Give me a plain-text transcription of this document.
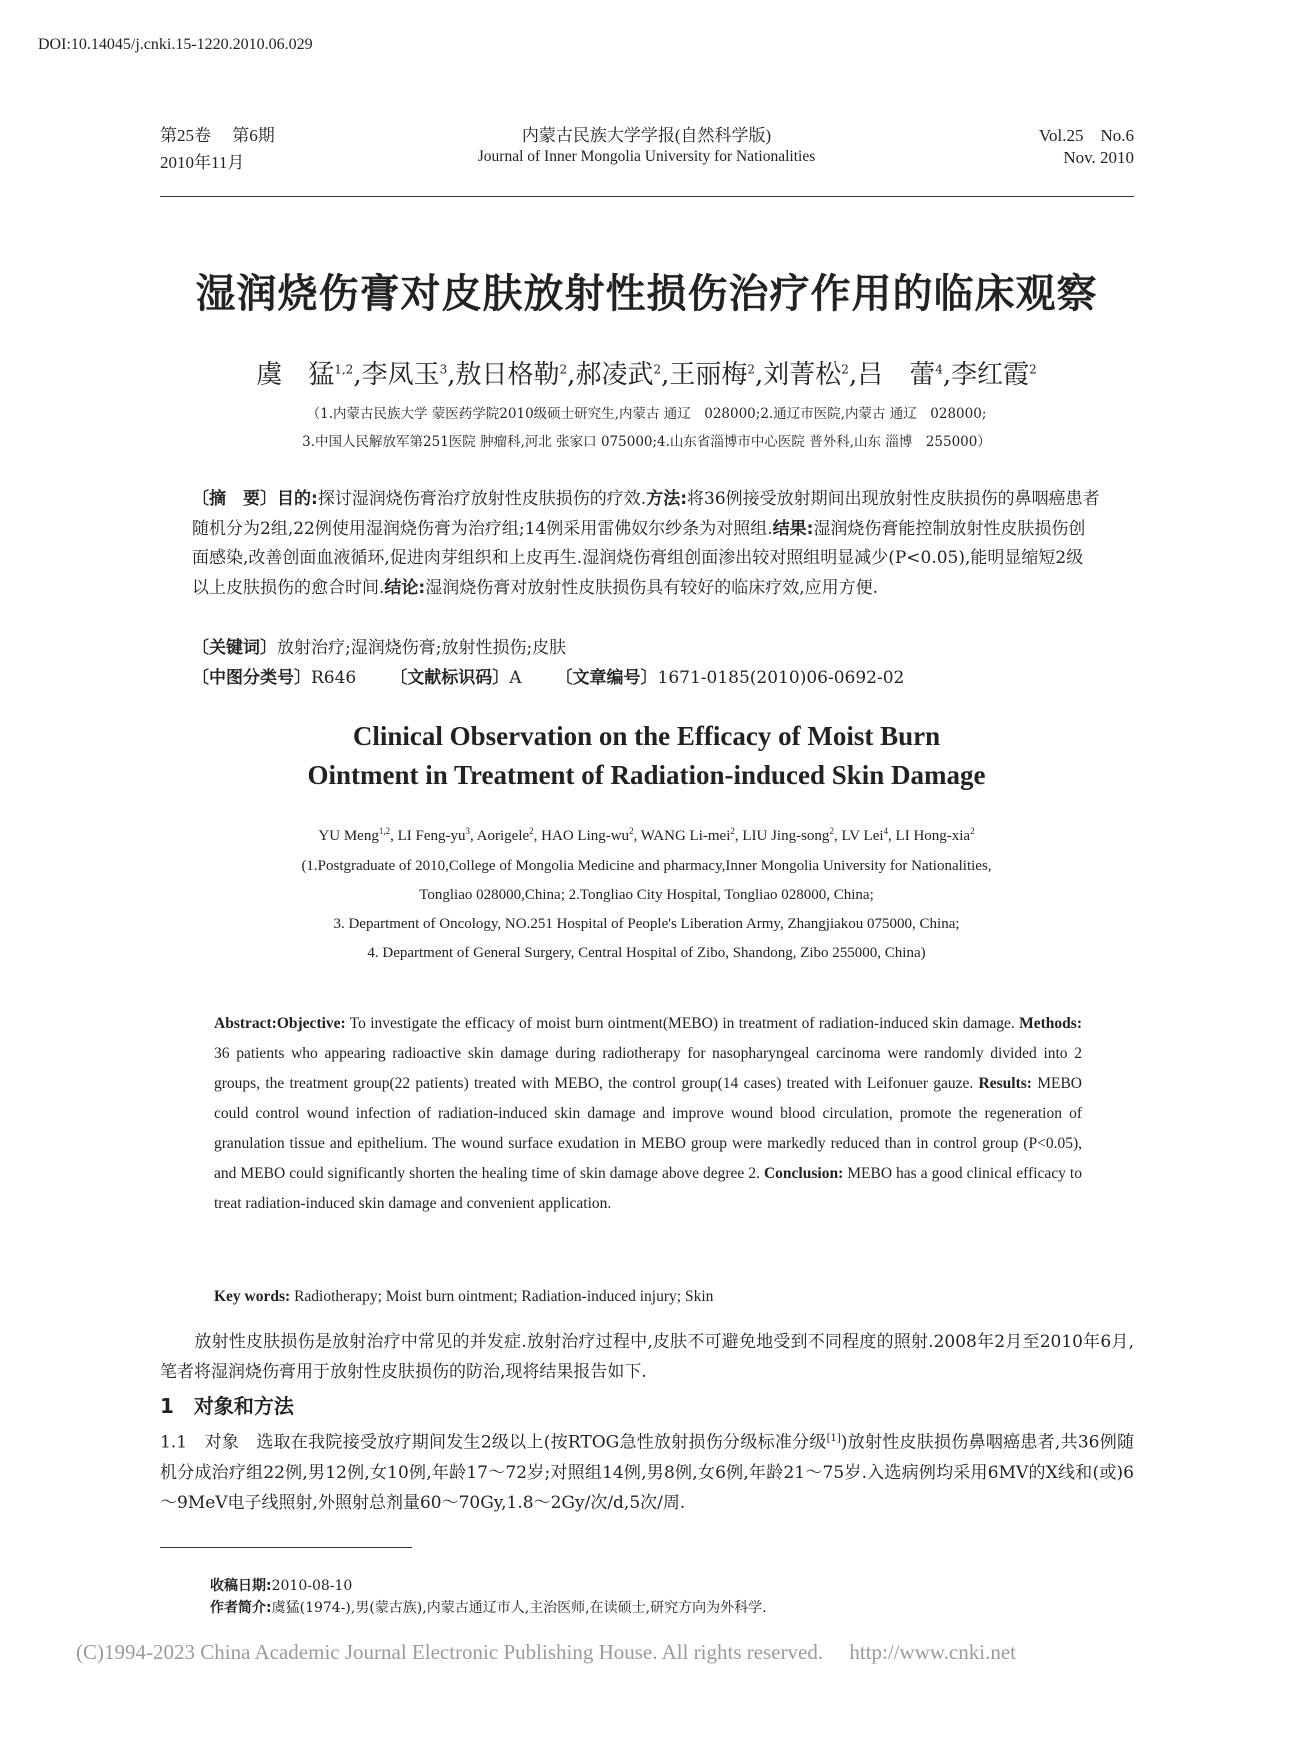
DOI:10.14045/j.cnki.15-1220.2010.06.029
第25卷　 第6期
2010年11月
内蒙古民族大学学报(自然科学版)
Journal of Inner Mongolia University for Nationalities
Vol.25　No.6
Nov. 2010
湿润烧伤膏对皮肤放射性损伤治疗作用的临床观察
虞　猛$^{1,2}$,李凤玉$^3$,敖日格勒$^2$,郝凌武$^2$,王丽梅$^2$,刘菁松$^2$,吕　蕾$^4$,李红霞$^2$
（1.内蒙古民族大学 蒙医药学院2010级硕士研究生,内蒙古 通辽　028000;2.通辽市医院,内蒙古 通辽　028000;
3.中国人民解放军第251医院 肿瘤科,河北 张家口 075000;4.山东省淄博市中心医院 普外科,山东 淄博　255000）
〔摘　要〕目的:探讨湿润烧伤膏治疗放射性皮肤损伤的疗效.方法:将36例接受放射期间出现放射性皮肤损伤的鼻咽癌患者随机分为2组,22例使用湿润烧伤膏为治疗组;14例采用雷佛奴尔纱条为对照组.结果:湿润烧伤膏能控制放射性皮肤损伤创面感染,改善创面血液循环,促进肉芽组织和上皮再生.湿润烧伤膏组创面渗出较对照组明显减少(P<0.05),能明显缩短2级以上皮肤损伤的愈合时间.结论:湿润烧伤膏对放射性皮肤损伤具有较好的临床疗效,应用方便.
〔关键词〕放射治疗;湿润烧伤膏;放射性损伤;皮肤
〔中图分类号〕R646 〔文献标识码〕A 〔文章编号〕1671-0185(2010)06-0692-02
Clinical Observation on the Efficacy of Moist Burn
Ointment in Treatment of Radiation-induced Skin Damage
YU Meng$^{1,2}$, LI Feng-$yu^3$, Aorigele$^2$, HAO Ling-$wu^2$, WANG Li-mei$^2$, LIU Jing-song$^2$, LV Lei$^4$, LI Hong-xia$^2$
(1.Postgraduate of 2010,College of Mongolia Medicine and pharmacy,Inner Mongolia University for Nationalities,
Tongliao 028000,China; 2.Tongliao City Hospital, Tongliao 028000, China;
3. Department of Oncology, NO.251 Hospital of People's Liberation Army, Zhangjiakou 075000, China;
4. Department of General Surgery, Central Hospital of Zibo, Shandong, Zibo 255000, China)
Abstract:Objective: To investigate the efficacy of moist burn ointment(MEBO) in treatment of radiation-induced skin damage. Methods: 36 patients who appearing radioactive skin damage during radiotherapy for nasopharyngeal carcinoma were randomly divided into 2 groups, the treatment group(22 patients) treated with MEBO, the control group(14 cases) treated with Leifonuer gauze. Results: MEBO could control wound infection of radiation-induced skin damage and improve wound blood circulation, promote the regeneration of granulation tissue and epithelium. The wound surface exudation in MEBO group were markedly reduced than in control group (P<0.05), and MEBO could significantly shorten the healing time of skin damage above degree 2. Conclusion: MEBO has a good clinical efficacy to treat radiation-induced skin damage and convenient application.
Key words: Radiotherapy; Moist burn ointment; Radiation-induced injury; Skin
　　放射性皮肤损伤是放射治疗中常见的并发症.放射治疗过程中,皮肤不可避免地受到不同程度的照射.2008年2月至2010年6月,笔者将湿润烧伤膏用于放射性皮肤损伤的防治,现将结果报告如下.
1　对象和方法
1.1　对象　选取在我院接受放疗期间发生2级以上(按RTOG急性放射损伤分级标准分级[1])放射性皮肤损伤鼻咽癌患者,共36例随机分成治疗组22例,男12例,女10例,年龄17～72岁;对照组14例,男8例,女6例,年龄21～75岁.入选病例均采用6MV的X线和(或)6～9MeV电子线照射,外照射总剂量60～70Gy,1.8～2Gy/次/d,5次/周.
收稿日期:2010-08-10
作者简介:虞猛(1974-),男(蒙古族),内蒙古通辽市人,主治医师,在读硕士,研究方向为外科学.
(C)1994-2023 China Academic Journal Electronic Publishing House. All rights reserved.　 http://www.cnki.net
